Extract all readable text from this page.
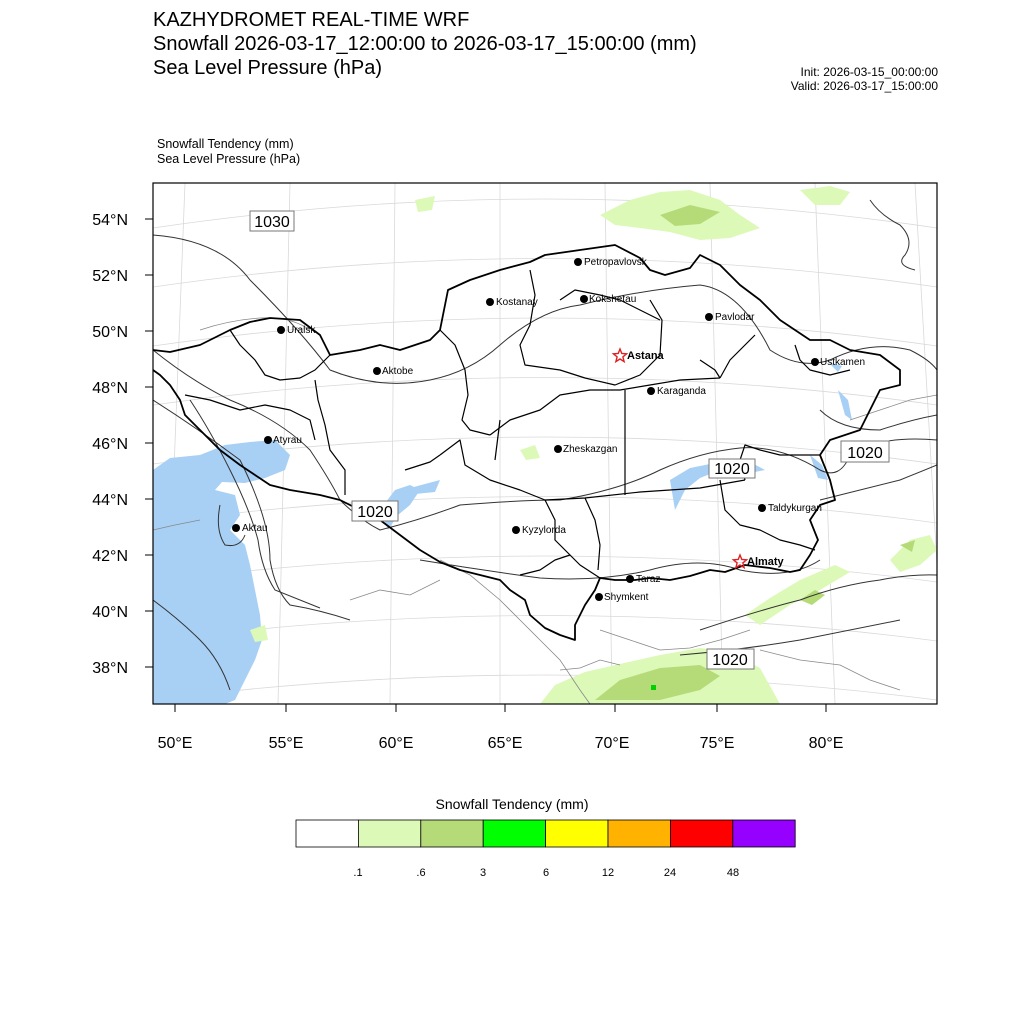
KAZHYDROMET REAL-TIME WRF
Snowfall 2026-03-17_12:00:00 to 2026-03-17_15:00:00 (mm)
Sea Level Pressure (hPa)	Init: 2026-03-15_00:00:00
Valid: 2026-03-17_15:00:00
Snowfall Tendency (mm)
Sea Level Pressure (hPa)
54°N
52°N
50°N
48°N
46°N
44°N
42°N
40°N
38°N
50°E	55°E	60°E	65°E	70°E	75°E	80°E
Petropavlovsk
Kostanay	Kokshetau
Pavlodar
Uralsk
Aktobe
Karaganda
Ustkamen
Atyrau
Zheskazgan
Aktau	Kyzylorda
Taldykurgan
Taraz
Shymkent
Astana
Almaty
1030
1020
1020
1020
1020
Snowfall Tendency (mm)
.1	.6	3	6	12	24	48
